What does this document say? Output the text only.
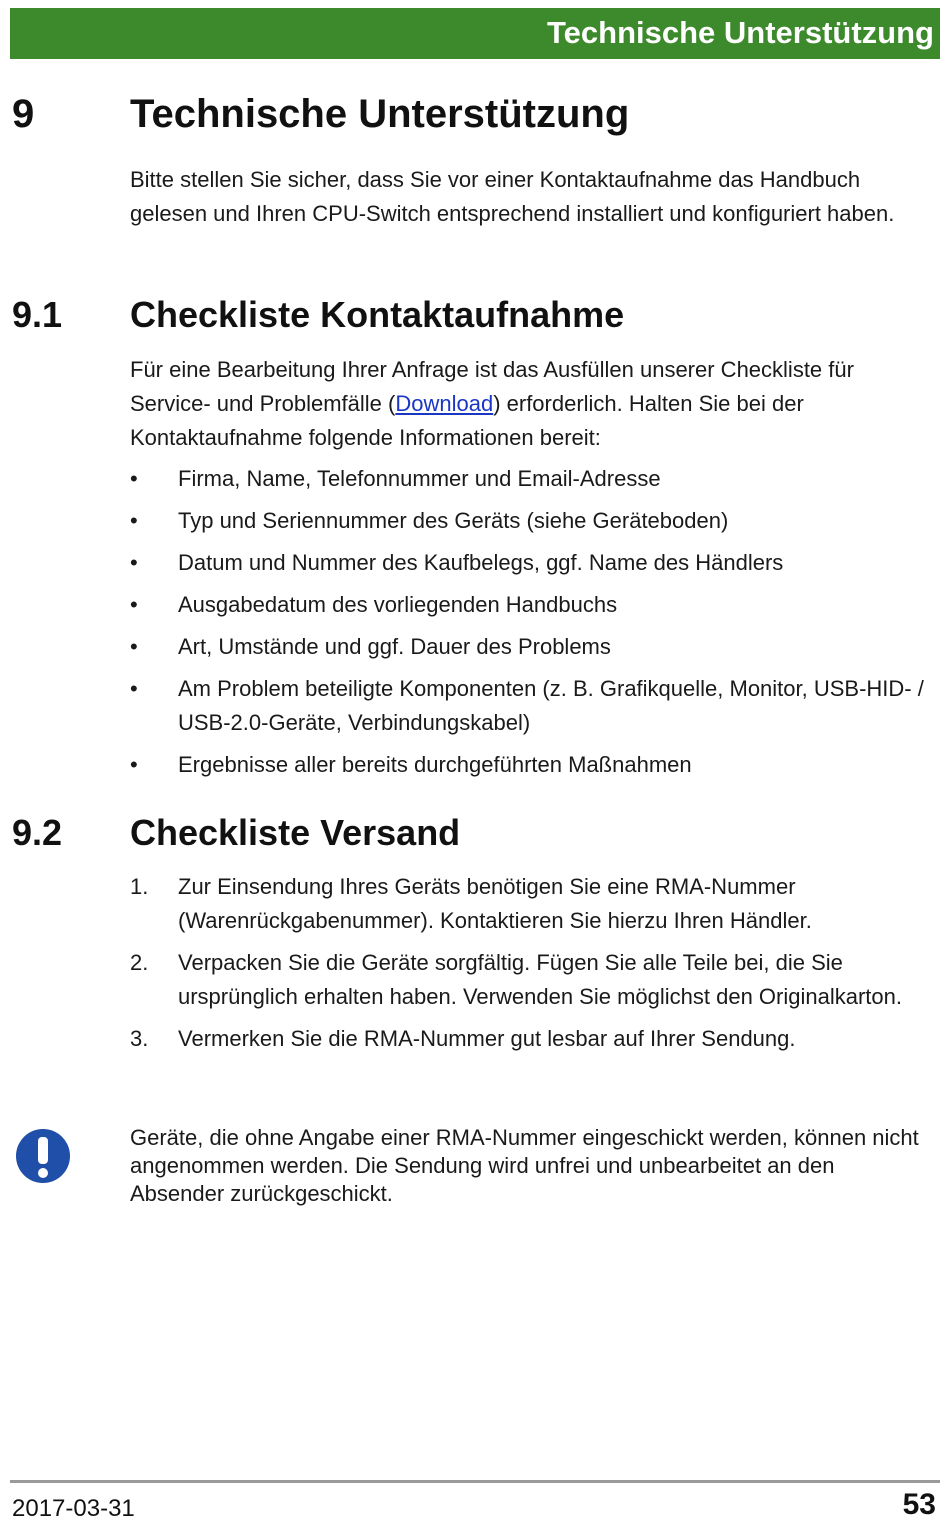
Technische Unterstützung
9 Technische Unterstützung

Bitte stellen Sie sicher, dass Sie vor einer Kontaktaufnahme das Handbuch gelesen und Ihren CPU-Switch entsprechend installiert und konfiguriert haben.

9.1 Checkliste Kontaktaufnahme

Für eine Bearbeitung Ihrer Anfrage ist das Ausfüllen unserer Checkliste für Service- und Problemfälle (Download) erforderlich. Halten Sie bei der Kontaktaufnahme folgende Informationen bereit:

•	Firma, Name, Telefonnummer und Email-Adresse
•	Typ und Seriennummer des Geräts (siehe Geräteboden)
•	Datum und Nummer des Kaufbelegs, ggf. Name des Händlers
•	Ausgabedatum des vorliegenden Handbuchs
•	Art, Umstände und ggf. Dauer des Problems
•	Am Problem beteiligte Komponenten (z. B. Grafikquelle, Monitor, USB-HID- / USB-2.0-Geräte, Verbindungskabel)
•	Ergebnisse aller bereits durchgeführten Maßnahmen
9.2 Checkliste Versand
1.	Zur Einsendung Ihres Geräts benötigen Sie eine RMA-Nummer (Warenrückgabenummer). Kontaktieren Sie hierzu Ihren Händler.
2.	Verpacken Sie die Geräte sorgfältig. Fügen Sie alle Teile bei, die Sie ursprünglich erhalten haben. Verwenden Sie möglichst den Originalkarton.
3.	Vermerken Sie die RMA-Nummer gut lesbar auf Ihrer Sendung.

Geräte, die ohne Angabe einer RMA-Nummer eingeschickt werden, können nicht angenommen werden. Die Sendung wird unfrei und unbearbeitet an den Absender zurückgeschickt.

2017-03-31	53
